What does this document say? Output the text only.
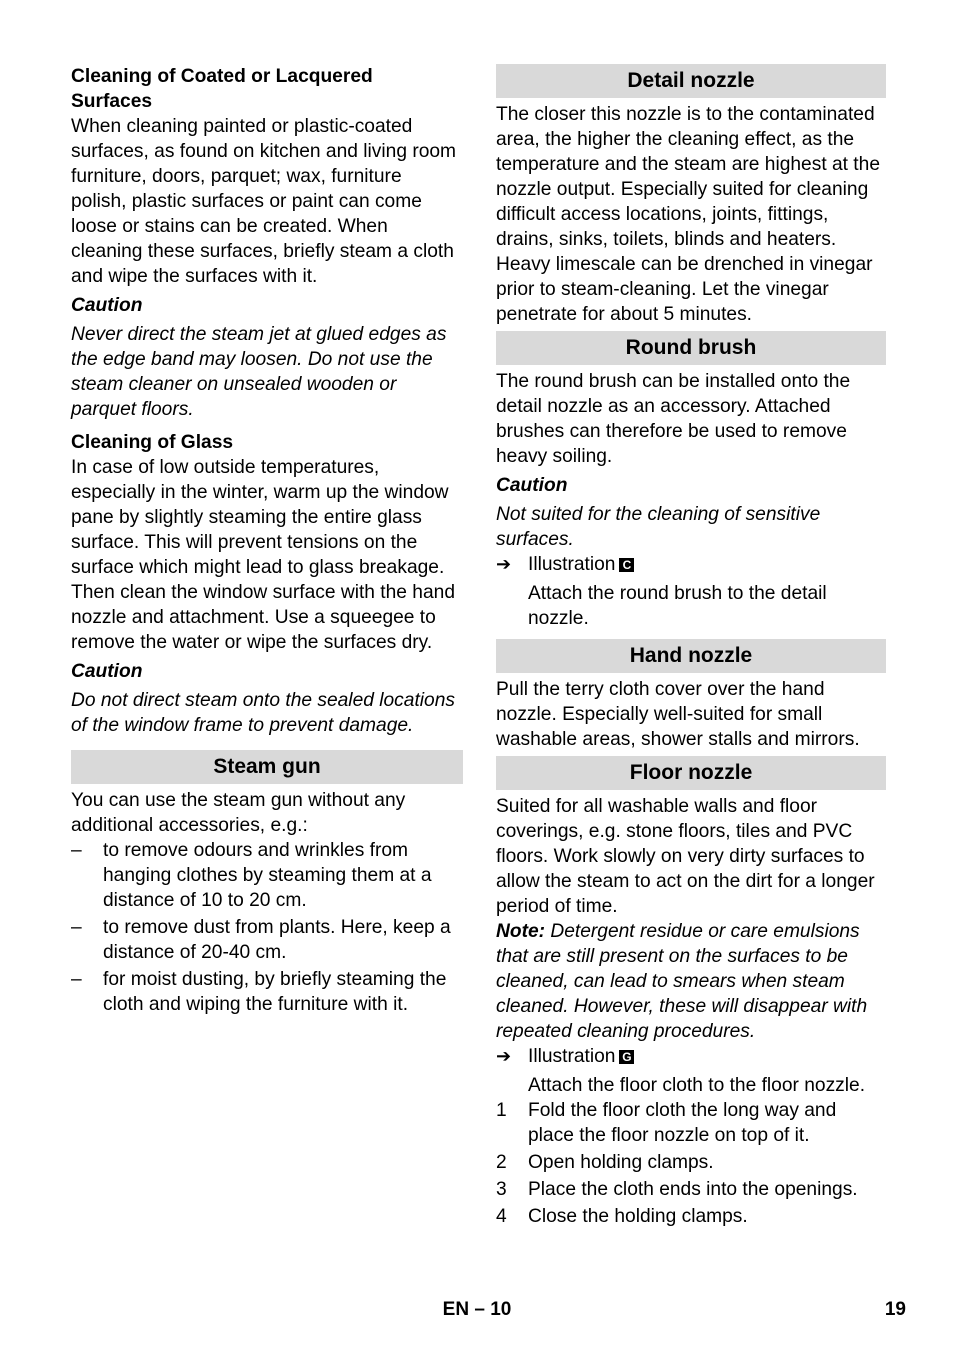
Cleaning of Coated or Lacquered Surfaces

When cleaning painted or plastic-coated surfaces, as found on kitchen and living room furniture, doors, parquet; wax, furniture polish, plastic surfaces or paint can come loose or stains can be created. When cleaning these surfaces, briefly steam a cloth and wipe the surfaces with it.

Caution

Never direct the steam jet at glued edges as the edge band may loosen. Do not use the steam cleaner on unsealed wooden or parquet floors.

Cleaning of Glass

In case of low outside temperatures, especially in the winter, warm up the window pane by slightly steaming the entire glass surface. This will prevent tensions on the surface which might lead to glass breakage.

Then clean the window surface with the hand nozzle and attachment. Use a squeegee to remove the water or wipe the surfaces dry.

Caution

Do not direct steam onto the sealed locations of the window frame to prevent damage.

Steam gun

You can use the steam gun without any additional accessories, e.g.:

–	to remove odours and wrinkles from hanging clothes by steaming them at a distance of 10 to 20 cm.
–	to remove dust from plants. Here, keep a distance of 20-40 cm.
–	for moist dusting, by briefly steaming the cloth and wiping the furniture with it.
Detail nozzle

The closer this nozzle is to the contaminated area, the higher the cleaning effect, as the temperature and the steam are highest at the nozzle output. Especially suited for cleaning difficult access locations, joints, fittings, drains, sinks, toilets, blinds and heaters. Heavy limescale can be drenched in vinegar prior to steam-cleaning. Let the vinegar penetrate for about 5 minutes.

Round brush

The round brush can be installed onto the detail nozzle as an accessory. Attached brushes can therefore be used to remove heavy soiling.

Caution

Not suited for the cleaning of sensitive surfaces.

➔ Illustration C

Attach the round brush to the detail nozzle.

Hand nozzle

Pull the terry cloth cover over the hand nozzle. Especially well-suited for small washable areas, shower stalls and mirrors.

Floor nozzle

Suited for all washable walls and floor coverings, e.g. stone floors, tiles and PVC floors. Work slowly on very dirty surfaces to allow the steam to act on the dirt for a longer period of time.

Note: Detergent residue or care emulsions that are still present on the surfaces to be cleaned, can lead to smears when steam cleaned. However, these will disappear with repeated cleaning procedures.

➔ Illustration G

Attach the floor cloth to the floor nozzle.

1	Fold the floor cloth the long way and place the floor nozzle on top of it.
2	Open holding clamps.
3	Place the cloth ends into the openings.
4	Close the holding clamps.
EN – 10	19
